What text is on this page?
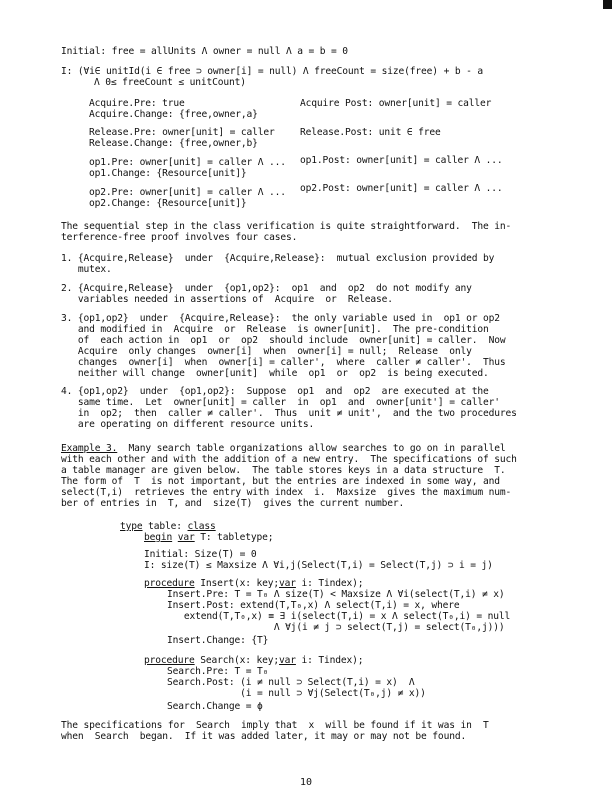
Initial: free = allUnits Λ owner = null Λ a = b = 0
I: (∀i∈ unitId(i ∈ free ⊃ owner[i] = null) Λ freeCount = size(free) + b - a
Λ 0≤ freeCount ≤ unitCount)
Acquire.Pre: true	Acquire Post: owner[unit] = caller
Acquire.Change: {free,owner,a}
Release.Pre: owner[unit] = caller	Release.Post: unit ∈ free
Release.Change: {free,owner,b}
op1.Pre: owner[unit] = caller Λ ... op1.Post: owner[unit] = caller Λ ...
op1.Change: {Resource[unit]}
op2.Pre: owner[unit] = caller Λ ... op2.Post: owner[unit] = caller Λ ...
op2.Change: {Resource[unit]}
The sequential step in the class verification is quite straightforward.  The in-
terference-free proof involves four cases.
1. {Acquire,Release}  under  {Acquire,Release}:  mutual exclusion provided by
mutex.
2. {Acquire,Release}  under  {op1,op2}:  op1  and  op2  do not modify any
variables needed in assertions of  Acquire  or  Release.
3. {op1,op2}  under  {Acquire,Release}:  the only variable used in  op1 or op2
and modified in  Acquire  or  Release  is owner[unit].  The pre-condition
of  each action in  op1  or  op2  should include  owner[unit] = caller.  Now
Acquire  only changes  owner[i]  when  owner[i] = null;  Release  only
changes  owner[i]  when  owner[i] = caller',  where  caller ≠ caller'.  Thus
neither will change  owner[unit]  while  op1  or  op2  is being executed.
4. {op1,op2}  under  {op1,op2}:  Suppose  op1  and  op2  are executed at the
same time.  Let  owner[unit] = caller  in  op1  and  owner[unit'] = caller'
in  op2;  then  caller ≠ caller'.  Thus  unit ≠ unit',  and the two procedures
are operating on different resource units.
Example 3.  Many search table organizations allow searches to go on in parallel
with each other and with the addition of a new entry.  The specifications of such
a table manager are given below.  The table stores keys in a data structure  T.
The form of  T  is not important, but the entries are indexed in some way, and
select(T,i)  retrieves the entry with index  i.  Maxsize  gives the maximum num-
ber of entries in  T, and  size(T)  gives the current number.
type table: class
begin var T: tabletype;
Initial: Size(T) = 0
I: size(T) ≤ Maxsize Λ ∀i,j(Select(T,i) = Select(T,j) ⊃ i = j)
procedure Insert(x: key;var i: Tindex);
Insert.Pre: T = T₀ Λ size(T) < Maxsize Λ ∀i(select(T,i) ≠ x)
Insert.Post: extend(T,T₀,x) Λ select(T,i) = x, where
extend(T,T₀,x) ≡ ∃ i(select(T,i) = x Λ select(T₀,i) = null
Λ ∀j(i ≠ j ⊃ select(T,j) = select(T₀,j)))
Insert.Change: {T}
procedure Search(x: key;var i: Tindex);
Search.Pre: T = T₀
Search.Post: (i ≠ null ⊃ Select(T,i) = x)  Λ
(i = null ⊃ ∀j(Select(T₀,j) ≠ x))
Search.Change = ϕ
The specifications for  Search  imply that  x  will be found if it was in  T
when  Search  began.  If it was added later, it may or may not be found.
10
